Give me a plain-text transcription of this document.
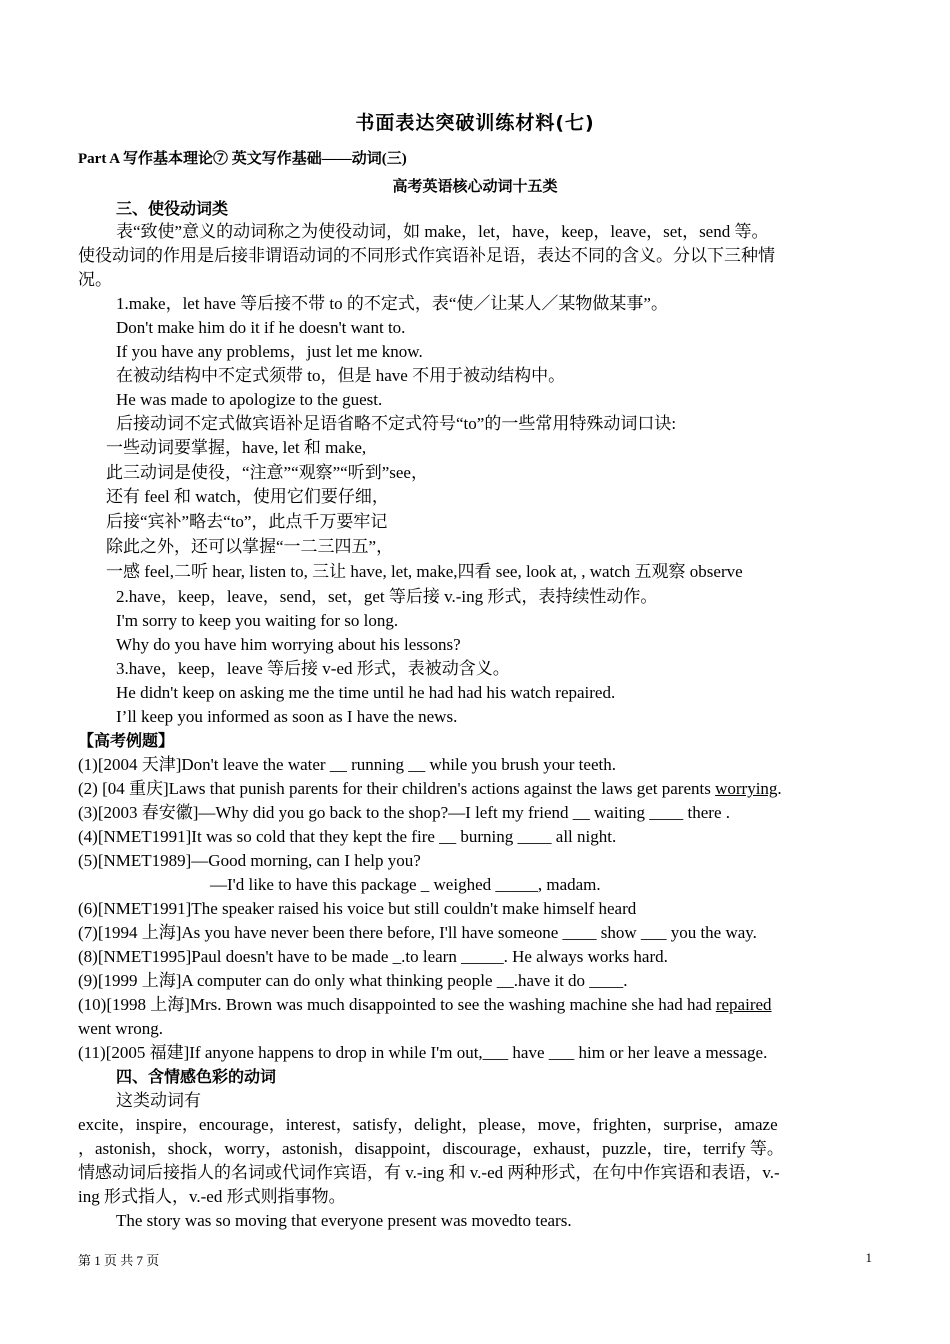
书面表达突破训练材料(七)
Part A 写作基本理论⑦ 英文写作基础——动词(三)
高考英语核心动词十五类
三、使役动词类
表“致使”意义的动词称之为使役动词，如 make，let，have，keep，leave，set，send 等。
使役动词的作用是后接非谓语动词的不同形式作宾语补足语，表达不同的含义。分以下三种情
况。
1.make，let have 等后接不带 to 的不定式，表“使／让某人／某物做某事”。
Don't make him do it if he doesn't want to.
If you have any problems，just let me know.
在被动结构中不定式须带 to，但是 have 不用于被动结构中。
He was made to apologize to the guest.
后接动词不定式做宾语补足语省略不定式符号“to”的一些常用特殊动词口诀:
一些动词要掌握，have, let 和 make,
此三动词是使役，“注意”“观察”“听到”see，
还有 feel 和 watch，使用它们要仔细，
后接“宾补”略去“to”，此点千万要牢记
除此之外，还可以掌握“一二三四五”，
一感 feel,二听 hear, listen to, 三让 have, let, make,四看 see, look at, , watch 五观察 observe
2.have，keep，leave，send，set，get 等后接 v.-ing 形式，表持续性动作。
I'm sorry to keep you waiting for so long.
Why do you have him worrying about his lessons?
3.have，keep，leave 等后接 v-ed 形式，表被动含义。
He didn't keep on asking me the time until he had had his watch repaired.
I’ll keep you informed as soon as I have the news.
【高考例题】
(1)[2004 天津]Don't leave the water __ running __ while you brush your teeth.
(2) [04 重庆]Laws that punish parents for their children's actions against the laws get parents worrying.
(3)[2003 春安徽]—Why did you go back to the shop?—I left my friend __ waiting ____ there .
(4)[NMET1991]It was so cold that they kept the fire __ burning ____ all night.
(5)[NMET1989]—Good morning, can I help you?
—I'd like to have this package _ weighed _____, madam.
(6)[NMET1991]The speaker raised his voice but still couldn't make himself heard
(7)[1994 上海]As you have never been there before, I'll have someone ____ show ___ you the way.
(8)[NMET1995]Paul doesn't have to be made _.to learn _____. He always works hard.
(9)[1999 上海]A computer can do only what thinking people __.have it do ____.
(10)[1998 上海]Mrs. Brown was much disappointed to see the washing machine she had had repaired
went wrong.
(11)[2005 福建]If anyone happens to drop in while I'm out,___ have ___ him or her leave a message.
四、含情感色彩的动词
这类动词有
excite，inspire，encourage，interest，satisfy，delight，please，move，frighten，surprise，amaze
，astonish，shock，worry，astonish，disappoint，discourage，exhaust，puzzle，tire，terrify 等。
情感动词后接指人的名词或代词作宾语，有 v.-ing 和 v.-ed 两种形式，在句中作宾语和表语，v.-
ing 形式指人，v.-ed 形式则指事物。
The story was so moving that everyone present was movedto tears.
第 1 页 共 7 页	1
